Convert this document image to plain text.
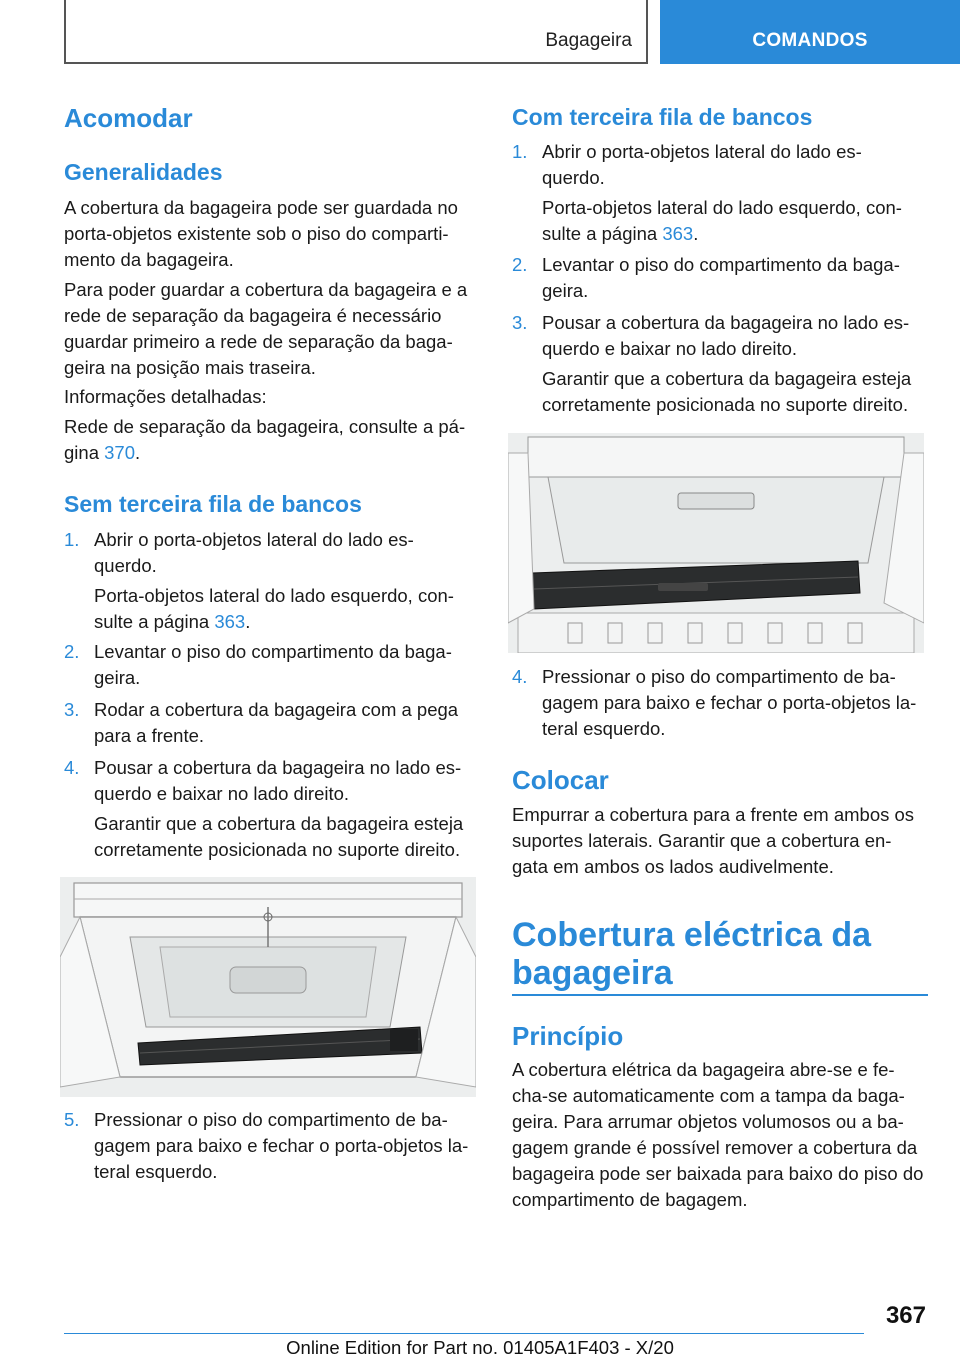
Bagageira	COMANDOS
Acomodar
Generalidades
A cobertura da bagageira pode ser guardada no
porta-objetos existente sob o piso do comparti-
mento da bagageira.
Para poder guardar a cobertura da bagageira e a
rede de separação da bagageira é necessário
guardar primeiro a rede de separação da baga-
geira na posição mais traseira.
Informações detalhadas:
Rede de separação da bagageira, consulte a pá-
gina 370.
Sem terceira fila de bancos
1. Abrir o porta-objetos lateral do lado es-
querdo.
Porta-objetos lateral do lado esquerdo, con-
sulte a página 363.
2. Levantar o piso do compartimento da baga-
geira.
3. Rodar a cobertura da bagageira com a pega
para a frente.
4. Pousar a cobertura da bagageira no lado es-
querdo e baixar no lado direito.
Garantir que a cobertura da bagageira esteja
corretamente posicionada no suporte direito.
5. Pressionar o piso do compartimento de ba-
gagem para baixo e fechar o porta-objetos la-
teral esquerdo.
Com terceira fila de bancos
1. Abrir o porta-objetos lateral do lado es-
querdo.
Porta-objetos lateral do lado esquerdo, con-
sulte a página 363.
2. Levantar o piso do compartimento da baga-
geira.
3. Pousar a cobertura da bagageira no lado es-
querdo e baixar no lado direito.
Garantir que a cobertura da bagageira esteja
corretamente posicionada no suporte direito.
4. Pressionar o piso do compartimento de ba-
gagem para baixo e fechar o porta-objetos la-
teral esquerdo.
Colocar
Empurrar a cobertura para a frente em ambos os
suportes laterais. Garantir que a cobertura en-
gata em ambos os lados audivelmente.
Cobertura eléctrica da
bagageira
Princípio
A cobertura elétrica da bagageira abre-se e fe-
cha-se automaticamente com a tampa da baga-
geira. Para arrumar objetos volumosos ou a ba-
gagem grande é possível remover a cobertura da
bagageira pode ser baixada para baixo do piso do
compartimento de bagagem.
367
Online Edition for Part no. 01405A1F403 - X/20
